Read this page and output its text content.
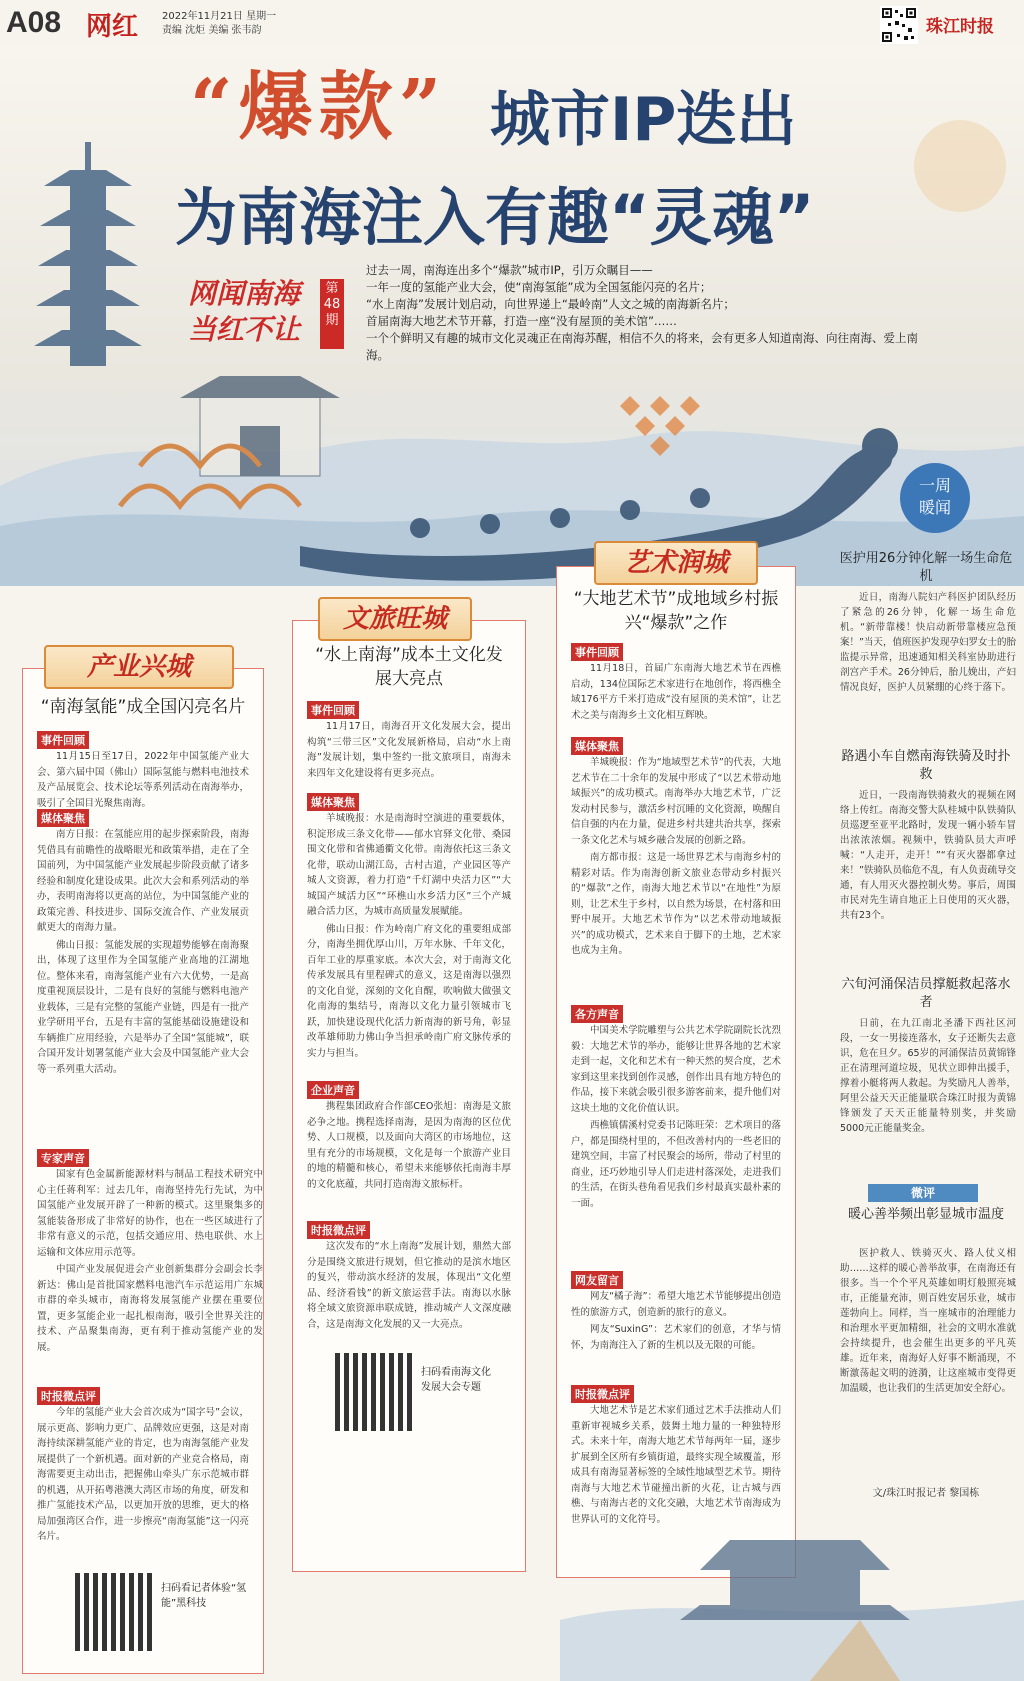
A08 网红 2022年11月21日 星期一
责编 沈炬 美编 张韦韵	珠江时报
“爆款” 城市IP迭出
为南海注入有趣“灵魂”
网闻南海
当红不让
第48期

过去一周，南海连出多个“爆款”城市IP，引万众瞩目——

一年一度的氢能产业大会，使“南海氢能”成为全国氢能闪亮的名片；

“水上南海”发展计划启动，向世界递上“最岭南”人文之城的南海新名片；

首届南海大地艺术节开幕，打造一座“没有屋顶的美术馆”……

一个个鲜明又有趣的城市文化灵魂正在南海苏醒，相信不久的将来，会有更多人知道南海、向往南海、爱上南海。

“南海氢能”成全国闪亮名片
事件回顾

11月15日至17日，2022年中国氢能产业大会、第六届中国（佛山）国际氢能与燃料电池技术及产品展览会、技术论坛等系列活动在南海举办，吸引了全国目光聚焦南海。

媒体聚焦

南方日报：在氢能应用的起步探索阶段，南海凭借具有前瞻性的战略眼光和政策举措，走在了全国前列，为中国氢能产业发展起步阶段贡献了诸多经验和制度化建设成果。此次大会和系列活动的举办，表明南海将以更高的站位，为中国氢能产业的政策完善、科技进步、国际交流合作、产业发展贡献更大的南海力量。

佛山日报：氢能发展的实现超势能够在南海聚出，体现了这里作为全国氢能产业高地的江湖地位。整体来看，南海氢能产业有六大优势，一是高度重视顶层设计，二是有良好的氢能与燃料电池产业载体，三是有完整的氢能产业链，四是有一批产业学研用平台，五是有丰富的氢能基础设施建设和车辆推广应用经验，六是举办了全国“氢能城”，联合国开发计划署氢能产业大会及中国氢能产业大会等一系列重大活动。

专家声音

国家有色金属新能源材料与制品工程技术研究中心主任蒋利军：过去几年，南海坚持先行先试，为中国氢能产业发展开辟了一种新的模式。这里聚集多的氢能装备形成了非常好的协作，也在一些区域进行了非常有意义的示范，包括交通应用、热电联供、水上运输和文体应用示范等。

中国产业发展促进会产业创新集群分会副会长李新达：佛山是首批国家燃料电池汽车示范运用广东城市群的牵头城市，南海将发展氢能产业摆在重要位置，更多氢能企业一起扎根南海，吸引全世界关注的技术、产品聚集南海，更有利于推动氢能产业的发展。

时报微点评

今年的氢能产业大会首次成为“国字号”会议，展示更高、影响力更广、品牌效应更强，这是对南海持续深耕氢能产业的肯定，也为南海氢能产业发展提供了一个新机遇。面对新的产业竞合格局，南海需要更主动出击，把握佛山牵头广东示范城市群的机遇，从开拓粤港澳大湾区市场的角度，研发和推广氢能技术产品，以更加开放的思维，更大的格局加强湾区合作，进一步擦亮“南海氢能”这一闪亮名片。

扫码看记者体验“氢能”黑科技
产业兴城	“水上南海”成本土文化发展大亮点
事件回顾

11月17日，南海召开文化发展大会，提出构筑“三带三区”文化发展新格局，启动“水上南海”发展计划，集中签约一批文旅项目，南海未来四年文化建设将有更多亮点。

媒体聚焦

羊城晚报：水是南海时空演进的重要载体，积淀形成三条文化带——郁水官驿文化带、桑园围文化带和省佛通衢文化带。南海依托这三条文化带，联动山湖江岛，古村古道，产业园区等产城人文资源，着力打造“千灯湖中央活力区”“大城国产城活力区”“环樵山水乡活力区”三个产城融合活力区，为城市高质量发展赋能。

佛山日报：作为岭南广府文化的重要组成部分，南海坐拥优厚山川，万年水脉、千年文化，百年工业的厚重家底。本次大会，对于南海文化传承发展具有里程碑式的意义，这是南海以强烈的文化自觉，深刻的文化自醒，吹响做大做强文化南海的集结号，南海以文化力量引领城市飞跃，加快建设现代化活力新南海的新号角，彰显改革雄师助力佛山争当担承岭南广府文脉传承的实力与担当。

企业声音

携程集团政府合作部CEO张旭：南海是文旅必争之地。携程选择南海，是因为南海的区位优势、人口规模，以及面向大湾区的市场地位，这里有充分的市场规模，文化是每一个旅游产业目的地的精髓和核心，希望未来能够依托南海丰厚的文化底蕴，共同打造南海文旅标杆。

时报微点评

这次发布的“水上南海”发展计划，鼎然大部分是围绕文旅进行规划，但它推动的是滨水地区的复兴，带动滨水经济的发展，体现出“文化塑品、经济看钱”的新文旅运营手法。南海以水脉将全域文旅资源串联成链，推动城产人文深度融合，这是南海文化发展的又一大亮点。

扫码看南海文化发展大会专题
文旅旺城
“大地艺术节”成地域乡村振兴“爆款”之作
事件回顾

11月18日，首届广东南海大地艺术节在西樵启动，134位国际艺术家进行在地创作，将西樵全域176平方千米打造成“没有屋顶的美术馆”，让艺术之美与南海乡土文化相互辉映。

媒体聚焦

羊城晚报：作为“地域型艺术节”的代表，大地艺术节在二十余年的发展中形成了“以艺术带动地域振兴”的成功模式。南海举办大地艺术节，广泛发动村民参与，激活乡村沉睡的文化资源，唤醒自信自强的内在力量，促进乡村共建共治共享，探索一条文化艺术与城乡融合发展的创新之路。

南方都市报：这是一场世界艺术与南海乡村的精彩对话。作为南海创新文旅业态带动乡村振兴的“爆款”之作，南海大地艺术节以“在地性”为原则，让艺术生于乡村，以自然为场景，在村落和田野中展开。大地艺术节作为“以艺术带动地域振兴”的成功模式，艺术来自于脚下的土地，艺术家也成为主角。

各方声音

中国美术学院雕塑与公共艺术学院副院长沈烈毅：大地艺术节的举办，能够让世界各地的艺术家走到一起，文化和艺术有一种天然的契合度，艺术家到这里来找到创作灵感，创作出具有地方特色的作品，接下来就会吸引很多游客前来，提升他们对这块土地的文化价值认识。

西樵镇儒溪村党委书记陈旺荣：艺术项目的落户，都是围绕村里的，不但改善村内的一些老旧的建筑空间，丰富了村民聚会的场所，带动了村里的商业，还巧妙地引导人们走进村落深处，走进我们的生活，在街头巷角看见我们乡村最真实最朴素的一面。

网友留言

网友“橘子海”：希望大地艺术节能够提出创造性的旅游方式，创造新的旅行的意义。

网友“SuxinG”：艺术家们的创意，才华与情怀，为南海注入了新的生机以及无限的可能。

时报微点评

大地艺术节是艺术家们通过艺术手法推动人们重新审视城乡关系，鼓舞土地力量的一种独特形式。未来十年，南海大地艺术节每两年一届，逐步扩展到全区所有乡镇街道，最终实现全域覆盖，形成具有南海显著标签的全域性地域型艺术节。期待南海与大地艺术节碰撞出新的火花，让古城与西樵、与南海古老的文化交融，大地艺术节南海成为世界认可的文化符号。

艺术润城
一周
暖闻
医护用26分钟化解一场生命危机

近日，南海八院妇产科医护团队经历了紧急的26分钟，化解一场生命危机。“新带靠楼！快启动新带靠楼应急预案！”当天，值班医护发现孕妇罗女士的胎监提示异常，迅速通知相关科室协助进行剖宫产手术。26分钟后，胎儿娩出，产妇情况良好，医护人员紧绷的心终于落下。

路遇小车自燃南海铁骑及时扑救

近日，一段南海铁骑救火的视频在网络上传红。南海交警大队桂城中队铁骑队员巡逻至亚平北路时，发现一辆小轿车冒出浓浓浓烟。视频中，铁骑队员大声呼喊：“人走开，走开！”“有灭火器都拿过来！”铁骑队员临危不乱，有人负责疏导交通，有人用灭火器控制火势。事后，周围市民对先生请自地正上日使用的灭火器，共有23个。

六旬河涌保洁员撑艇救起落水者

日前，在九江南北圣潘下西社区河段，一女一男接连落水，女子还断失去意识，危在旦夕。65岁的河涌保洁员黄锦锋正在清理河道垃圾，见状立即伸出援手，撑着小艇将两人救起。为奖励凡人善举，阿里公益天天正能量联合珠江时报为黄锦锋颁发了天天正能量特别奖，并奖励5000元正能量奖金。

微评
暖心善举频出彰显城市温度

医护救人、铁骑灭火、路人仗义相助……这样的暖心善举故事，在南海还有很多。当一个个平凡英雄如明灯般照亮城市，正能量充沛，则百姓安居乐业，城市莲勃向上。同样，当一座城市的治理能力和治理水平更加精细，社会的文明水准就会持续提升，也会催生出更多的平凡英雄。近年来，南海好人好事不断涌现，不断激荡起文明的涟漪，让这座城市变得更加温暖，也让我们的生活更加安全舒心。

文/珠江时报记者 黎国栋
